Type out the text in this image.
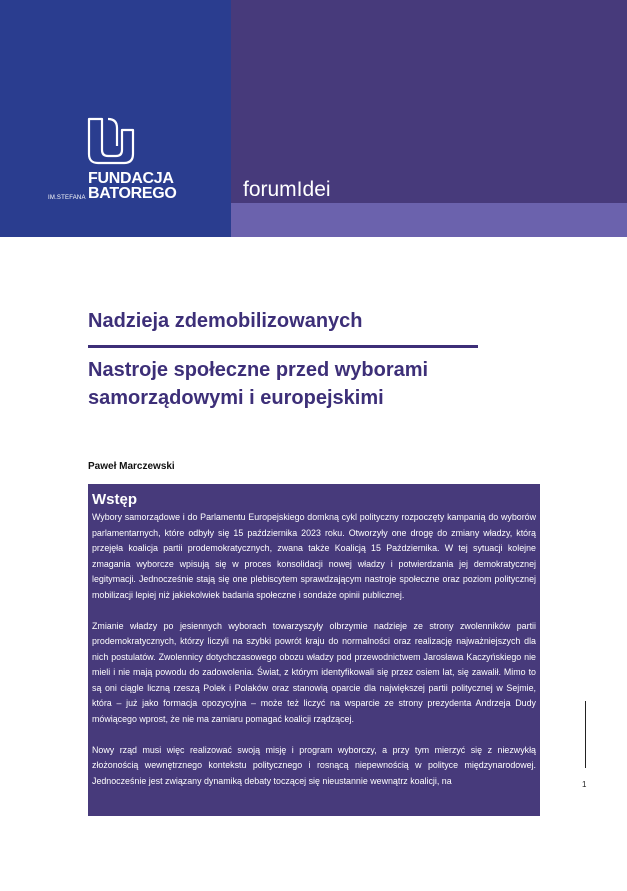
FUNDACJA
IM.STEFANA BATOREGO	forumIdei
Nadzieja zdemobilizowanych
Nastroje społeczne przed wyborami samorządowymi i europejskimi
Paweł Marczewski
Wstęp

Wybory samorządowe i do Parlamentu Europejskiego domkną cykl polityczny rozpoczęty kampanią do wyborów parlamentarnych, które odbyły się 15 października 2023 roku. Otworzyły one drogę do zmiany władzy, którą przejęła koalicja partii prodemokratycznych, zwana także Koalicją 15 Października. W tej sytuacji kolejne zmagania wyborcze wpisują się w proces konsolidacji nowej władzy i potwierdzania jej demokratycznej legitymacji. Jednocześnie stają się one plebiscytem sprawdzającym nastroje społeczne oraz poziom politycznej mobilizacji lepiej niż jakiekolwiek badania społeczne i sondaże opinii publicznej.

Zmianie władzy po jesiennych wyborach towarzyszyły olbrzymie nadzieje ze strony zwolenników partii prodemokratycznych, którzy liczyli na szybki powrót kraju do normalności oraz realizację najważniejszych dla nich postulatów. Zwolennicy dotychczasowego obozu władzy pod przewodnictwem Jarosława Kaczyńskiego nie mieli i nie mają powodu do zadowolenia. Świat, z którym identyfikowali się przez osiem lat, się zawalił. Mimo to są oni ciągle liczną rzeszą Polek i Polaków oraz stanowią oparcie dla największej partii politycznej w Sejmie, która – już jako formacja opozycyjna – może też liczyć na wsparcie ze strony prezydenta Andrzeja Dudy mówiącego wprost, że nie ma zamiaru pomagać koalicji rządzącej.

Nowy rząd musi więc realizować swoją misję i program wyborczy, a przy tym mierzyć się z niezwykłą złożonością wewnętrznego kontekstu politycznego i rosnącą niepewnością w polityce międzynarodowej. Jednocześnie jest związany dynamiką debaty toczącej się nieustannie wewnątrz koalicji, na	1
